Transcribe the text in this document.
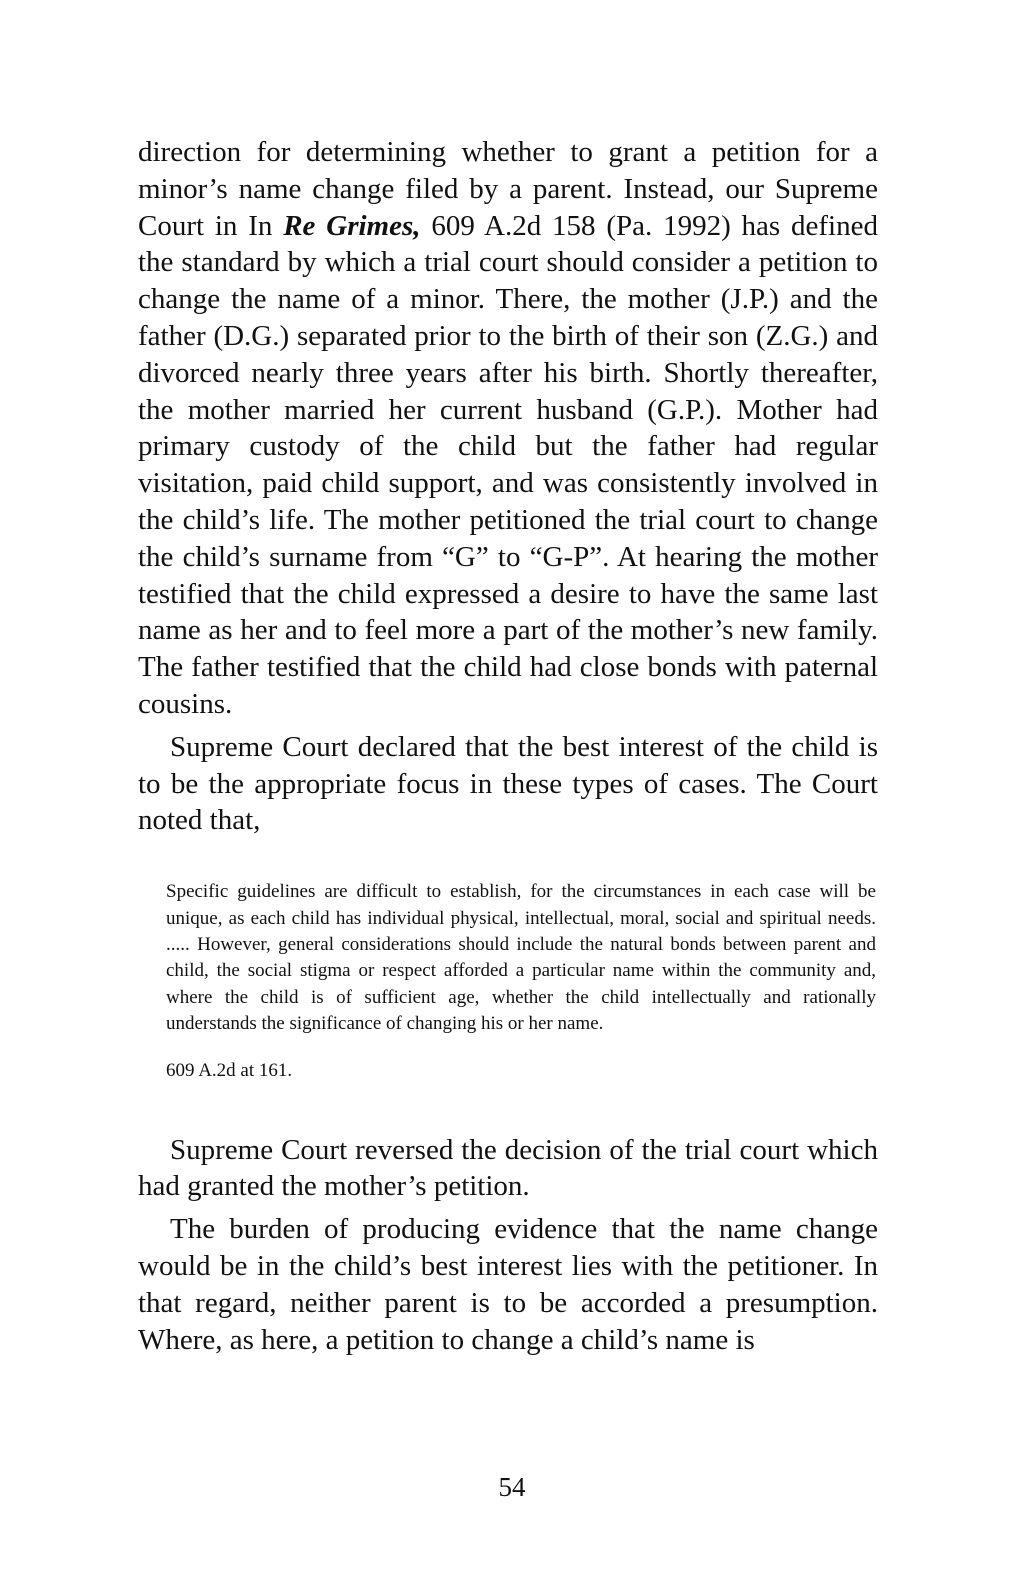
direction for determining whether to grant a petition for a minor’s name change filed by a parent. Instead, our Supreme Court in In Re Grimes, 609 A.2d 158 (Pa. 1992) has defined the standard by which a trial court should consider a petition to change the name of a minor. There, the mother (J.P.) and the father (D.G.) separated prior to the birth of their son (Z.G.) and divorced nearly three years after his birth. Shortly thereafter, the mother married her current husband (G.P.). Mother had primary custody of the child but the father had regular visitation, paid child support, and was consistently involved in the child’s life. The mother petitioned the trial court to change the child’s surname from “G” to “G-P”. At hearing the mother testified that the child expressed a desire to have the same last name as her and to feel more a part of the mother’s new family. The father testified that the child had close bonds with paternal cousins.

Supreme Court declared that the best interest of the child is to be the appropriate focus in these types of cases. The Court noted that,

Specific guidelines are difficult to establish, for the circumstances in each case will be unique, as each child has individual physical, intellectual, moral, social and spiritual needs. ..... However, general considerations should include the natural bonds between parent and child, the social stigma or respect afforded a particular name within the community and, where the child is of sufficient age, whether the child intellectually and rationally understands the significance of changing his or her name.
609 A.2d at 161.

Supreme Court reversed the decision of the trial court which had granted the mother’s petition.

The burden of producing evidence that the name change would be in the child’s best interest lies with the petitioner. In that regard, neither parent is to be accorded a presumption. Where, as here, a petition to change a child’s name is

54
